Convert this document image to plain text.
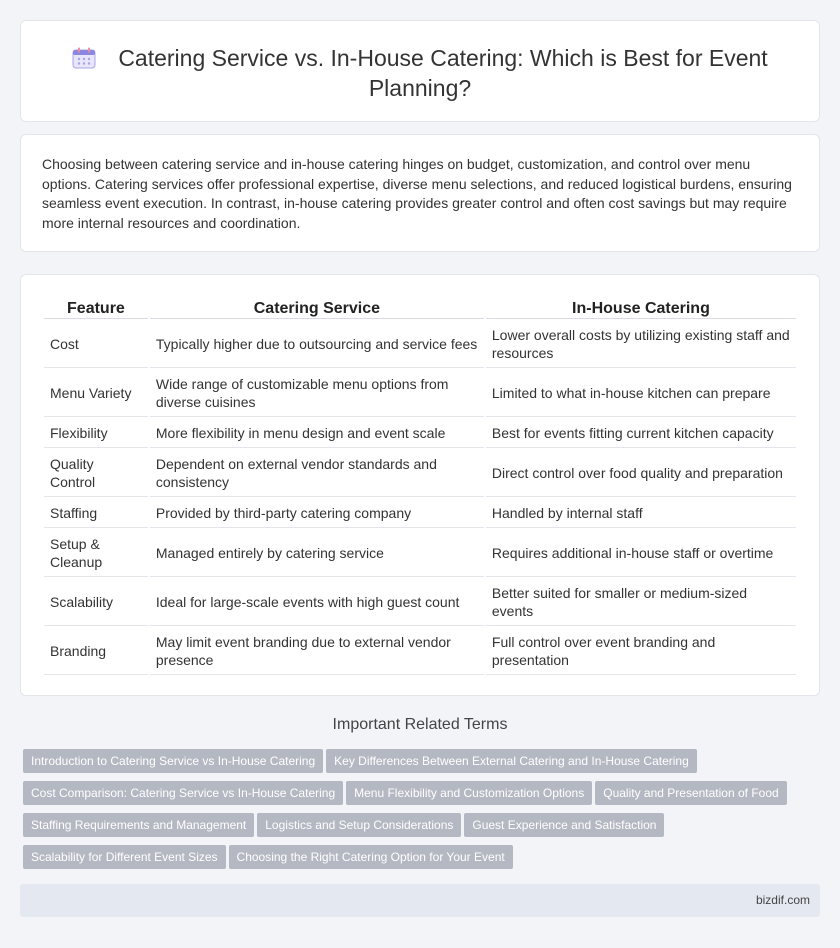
Catering Service vs. In-House Catering: Which is Best for Event Planning?

Choosing between catering service and in-house catering hinges on budget, customization, and control over menu options. Catering services offer professional expertise, diverse menu selections, and reduced logistical burdens, ensuring seamless event execution. In contrast, in-house catering provides greater control and often cost savings but may require more internal resources and coordination.

Feature	Catering Service	In-House Catering
Cost	Typically higher due to outsourcing and service fees	Lower overall costs by utilizing existing staff and resources
Menu Variety	Wide range of customizable menu options from diverse cuisines	Limited to what in-house kitchen can prepare
Flexibility	More flexibility in menu design and event scale	Best for events fitting current kitchen capacity
Quality Control	Dependent on external vendor standards and consistency	Direct control over food quality and preparation
Staffing	Provided by third-party catering company	Handled by internal staff
Setup & Cleanup	Managed entirely by catering service	Requires additional in-house staff or overtime
Scalability	Ideal for large-scale events with high guest count	Better suited for smaller or medium-sized events
Branding	May limit event branding due to external vendor presence	Full control over event branding and presentation
Important Related Terms
Introduction to Catering Service vs In-House Catering Key Differences Between External Catering and In-House Catering
Cost Comparison: Catering Service vs In-House Catering Menu Flexibility and Customization Options Quality and Presentation of Food
Staffing Requirements and Management Logistics and Setup Considerations Guest Experience and Satisfaction
Scalability for Different Event Sizes Choosing the Right Catering Option for Your Event
bizdif.com
